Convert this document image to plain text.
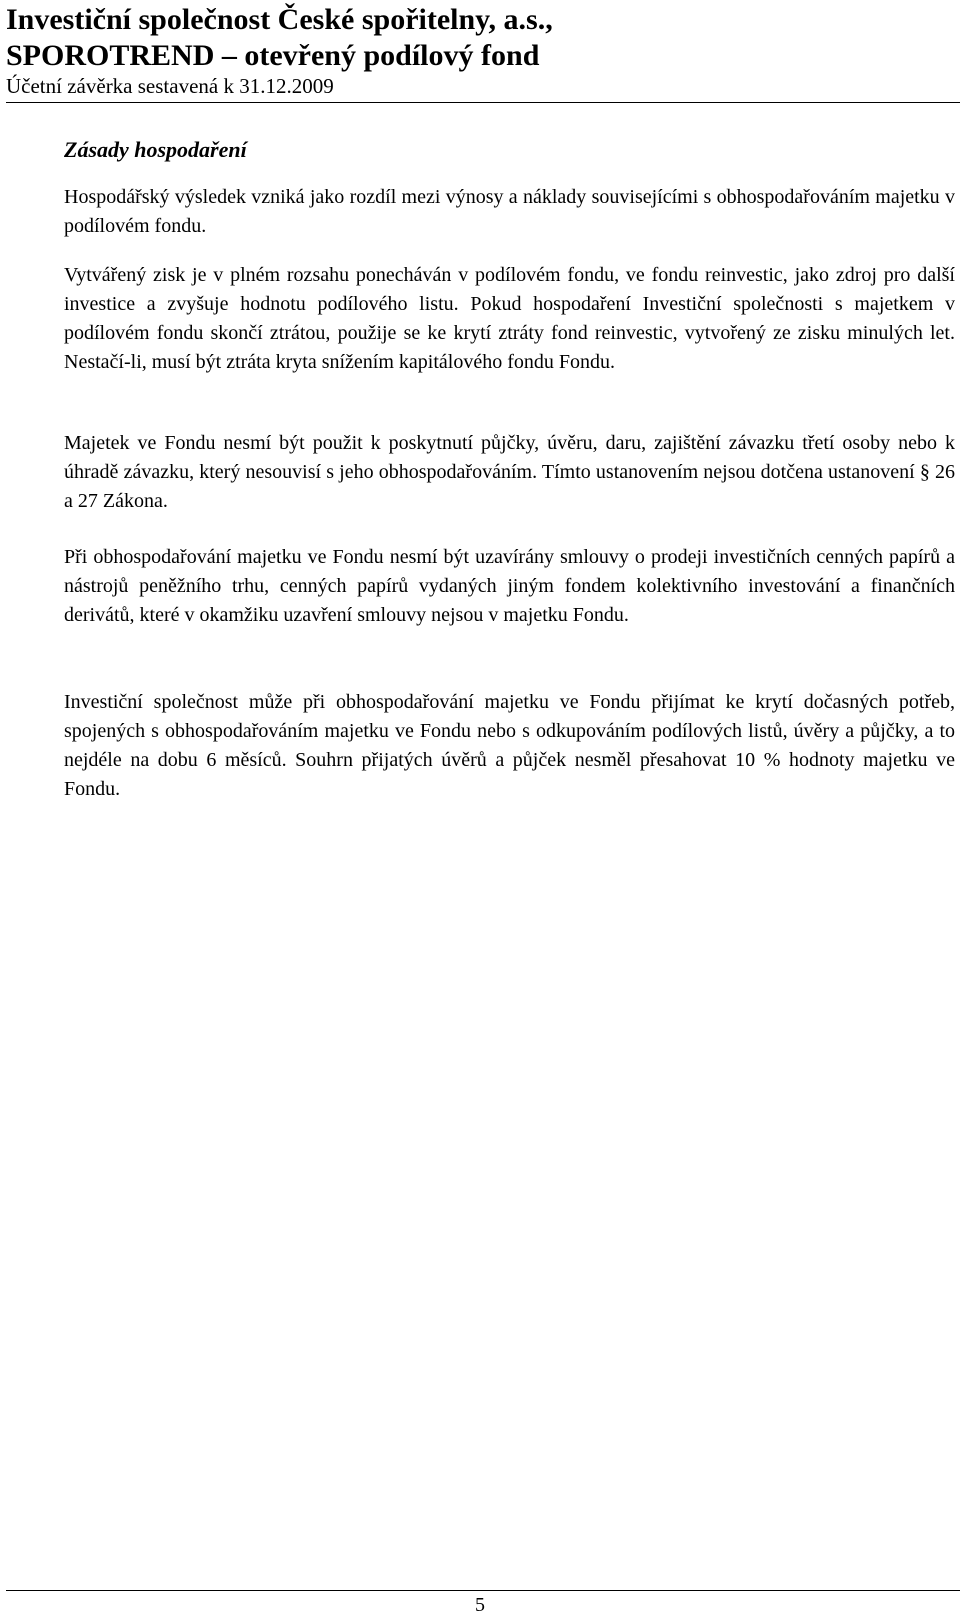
Investiční společnost České spořitelny, a.s.,
SPOROTREND – otevřený podílový fond
Účetní závěrka sestavená k 31.12.2009
Zásady hospodaření

Hospodářský výsledek vzniká jako rozdíl mezi výnosy a náklady souvisejícími s obhospodařováním majetku v podílovém fondu.

Vytvářený zisk je v plném rozsahu ponecháván v podílovém fondu, ve fondu reinvestic, jako zdroj pro další investice a zvyšuje hodnotu podílového listu. Pokud hospodaření Investiční společnosti s majetkem v podílovém fondu skončí ztrátou, použije se ke krytí ztráty fond reinvestic, vytvořený ze zisku minulých let. Nestačí-li, musí být ztráta kryta snížením kapitálového fondu Fondu.

Majetek ve Fondu nesmí být použit k poskytnutí půjčky, úvěru, daru, zajištění závazku třetí osoby nebo k úhradě závazku, který nesouvisí s jeho obhospodařováním. Tímto ustanovením nejsou dotčena ustanovení § 26 a 27 Zákona.

Při obhospodařování majetku ve Fondu nesmí být uzavírány smlouvy o prodeji investičních cenných papírů a nástrojů peněžního trhu, cenných papírů vydaných jiným fondem kolektivního investování a finančních derivátů, které v okamžiku uzavření smlouvy nejsou v majetku Fondu.

Investiční společnost může při obhospodařování majetku ve Fondu přijímat ke krytí dočasných potřeb, spojených s obhospodařováním majetku ve Fondu nebo s odkupováním podílových listů, úvěry a půjčky, a to nejdéle na dobu 6 měsíců. Souhrn přijatých úvěrů a půjček nesměl přesahovat 10 % hodnoty majetku ve Fondu.

5
